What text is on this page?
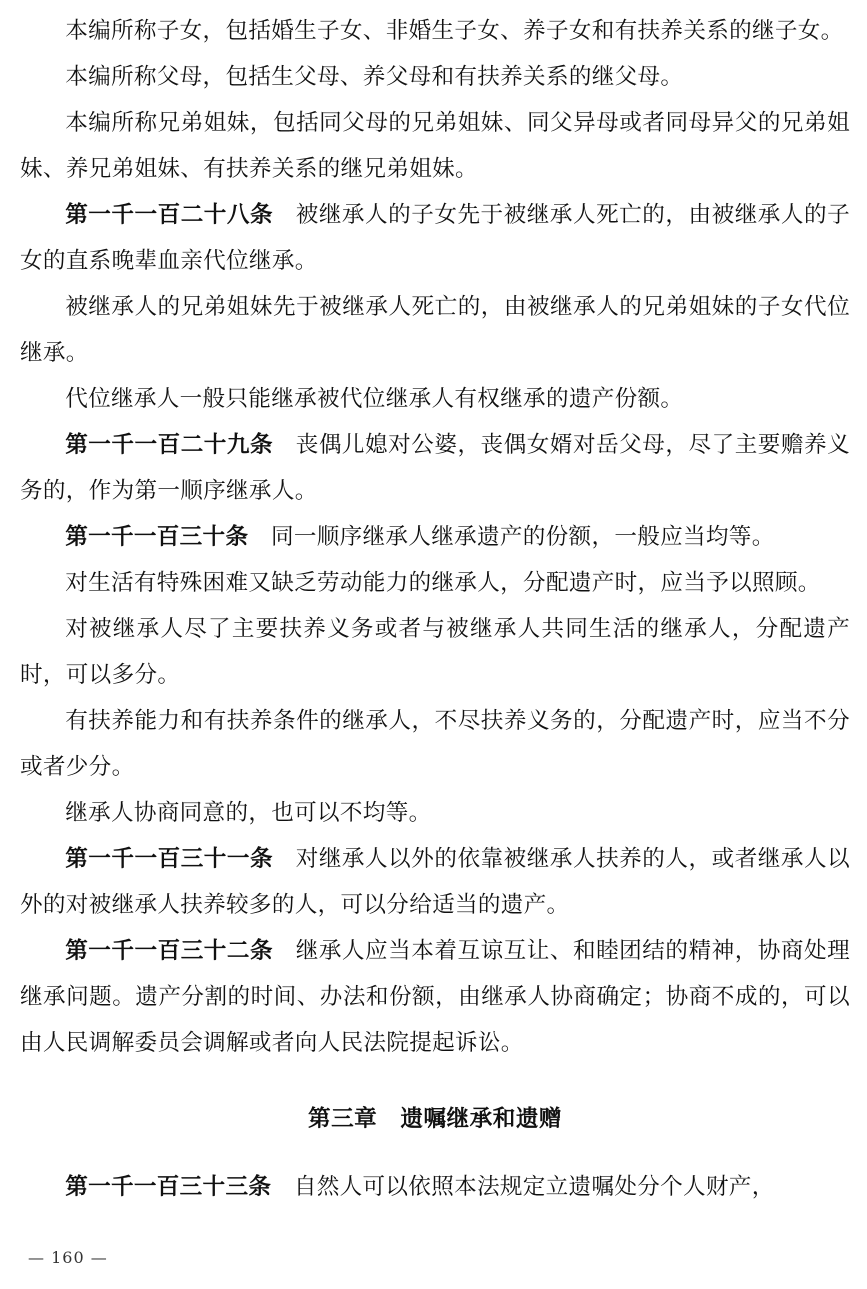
本编所称子女，包括婚生子女、非婚生子女、养子女和有扶养关系的继子女。

本编所称父母，包括生父母、养父母和有扶养关系的继父母。

本编所称兄弟姐妹，包括同父母的兄弟姐妹、同父异母或者同母异父的兄弟姐妹、养兄弟姐妹、有扶养关系的继兄弟姐妹。

第一千一百二十八条 被继承人的子女先于被继承人死亡的，由被继承人的子女的直系晚辈血亲代位继承。

被继承人的兄弟姐妹先于被继承人死亡的，由被继承人的兄弟姐妹的子女代位继承。

代位继承人一般只能继承被代位继承人有权继承的遗产份额。

第一千一百二十九条 丧偶儿媳对公婆，丧偶女婿对岳父母，尽了主要赡养义务的，作为第一顺序继承人。

第一千一百三十条 同一顺序继承人继承遗产的份额，一般应当均等。

对生活有特殊困难又缺乏劳动能力的继承人，分配遗产时，应当予以照顾。

对被继承人尽了主要扶养义务或者与被继承人共同生活的继承人，分配遗产时，可以多分。

有扶养能力和有扶养条件的继承人，不尽扶养义务的，分配遗产时，应当不分或者少分。

继承人协商同意的，也可以不均等。

第一千一百三十一条 对继承人以外的依靠被继承人扶养的人，或者继承人以外的对被继承人扶养较多的人，可以分给适当的遗产。

第一千一百三十二条 继承人应当本着互谅互让、和睦团结的精神，协商处理继承问题。遗产分割的时间、办法和份额，由继承人协商确定；协商不成的，可以由人民调解委员会调解或者向人民法院提起诉讼。

第三章　遗嘱继承和遗赠

第一千一百三十三条 自然人可以依照本法规定立遗嘱处分个人财产，

— 160 —
